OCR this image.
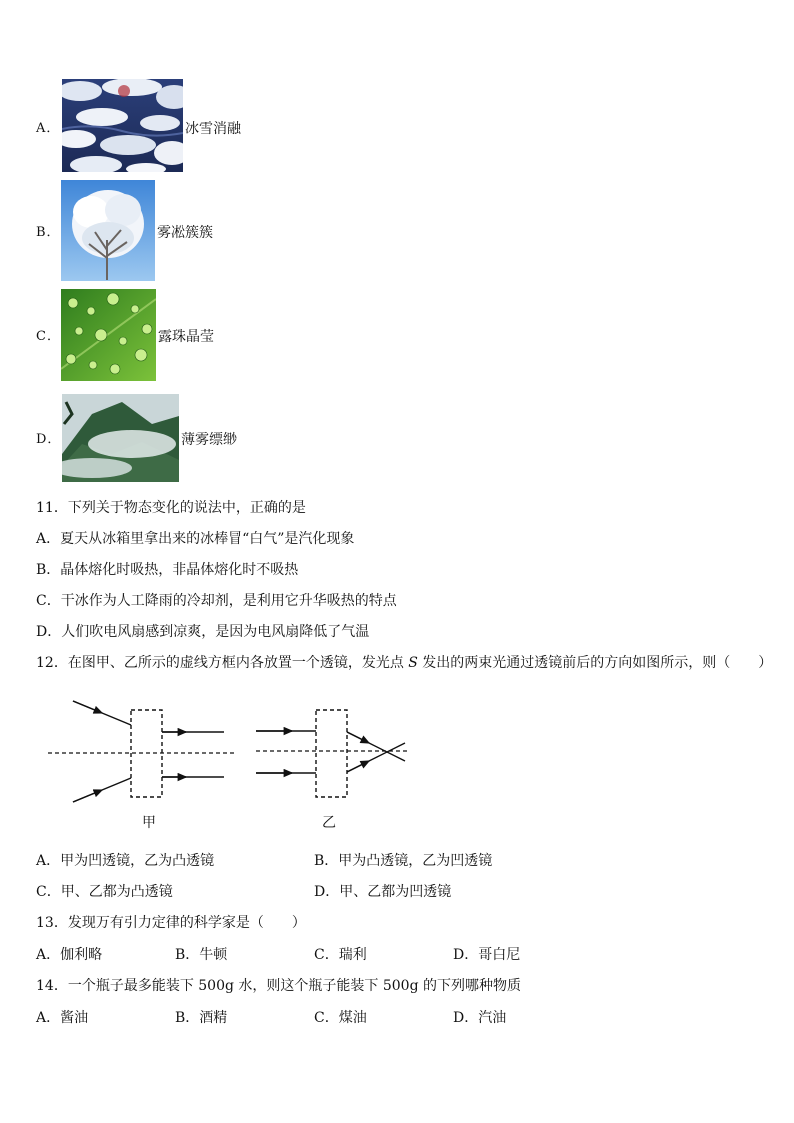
A．	冰雪消融
B．	雾凇簇簇
C．	露珠晶莹
D．	薄雾缥缈
11．下列关于物态变化的说法中，正确的是
A．夏天从冰箱里拿出来的冰棒冒“白气”是汽化现象
B．晶体熔化时吸热，非晶体熔化时不吸热
C．干冰作为人工降雨的冷却剂，是利用它升华吸热的特点
D．人们吹电风扇感到凉爽，是因为电风扇降低了气温
12．在图甲、乙所示的虚线方框内各放置一个透镜，发光点 S 发出的两束光通过透镜前后的方向如图所示，则（　　）
甲	乙
A．甲为凹透镜，乙为凸透镜	B．甲为凸透镜，乙为凹透镜
C．甲、乙都为凸透镜	D．甲、乙都为凹透镜
13．发现万有引力定律的科学家是（　　）
A．伽利略	B．牛顿	C．瑞利	D．哥白尼
14．一个瓶子最多能装下 500g 水，则这个瓶子能装下 500g 的下列哪种物质
A．酱油	B．酒精	C．煤油	D．汽油
